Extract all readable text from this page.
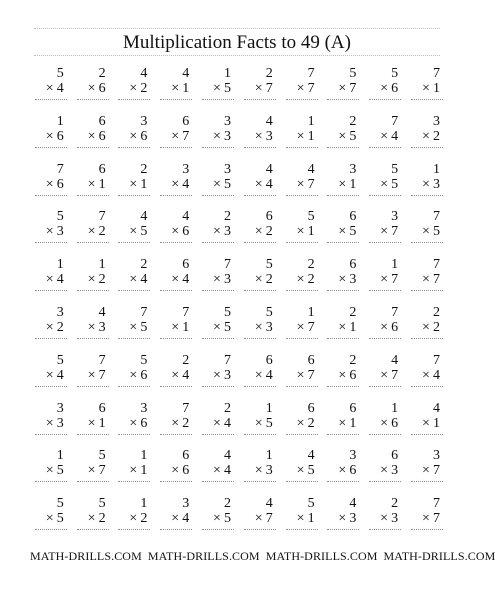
Multiplication Facts to 49 (A)
5
× 4
2
× 6
4
× 2
4
× 1
1
× 5
2
× 7
7
× 7
5
× 7
5
× 6
7
× 1
1
× 6
6
× 6
3
× 6
6
× 7
3
× 3
4
× 3
1
× 1
2
× 5
7
× 4
3
× 2
7
× 6
6
× 1
2
× 1
3
× 4
3
× 5
4
× 4
4
× 7
3
× 1
5
× 5
1
× 3
5
× 3
7
× 2
4
× 5
4
× 6
2
× 3
6
× 2
5
× 1
6
× 5
3
× 7
7
× 5
1
× 4
1
× 2
2
× 4
6
× 4
7
× 3
5
× 2
2
× 2
6
× 3
1
× 7
7
× 7
3
× 2
4
× 3
7
× 5
7
× 1
5
× 5
5
× 3
1
× 7
2
× 1
7
× 6
2
× 2
5
× 4
7
× 7
5
× 6
2
× 4
7
× 3
6
× 4
6
× 7
2
× 6
4
× 7
7
× 4
3
× 3
6
× 1
3
× 6
7
× 2
2
× 4
1
× 5
6
× 2
6
× 1
1
× 6
4
× 1
1
× 5
5
× 7
1
× 1
6
× 6
4
× 4
1
× 3
4
× 5
3
× 6
6
× 3
3
× 7
5
× 5
5
× 2
1
× 2
3
× 4
2
× 5
4
× 7
5
× 1
4
× 3
2
× 3
7
× 7
MATH-DRILLS.COM MATH-DRILLS.COM MATH-DRILLS.COM MATH-DRILLS.COM
